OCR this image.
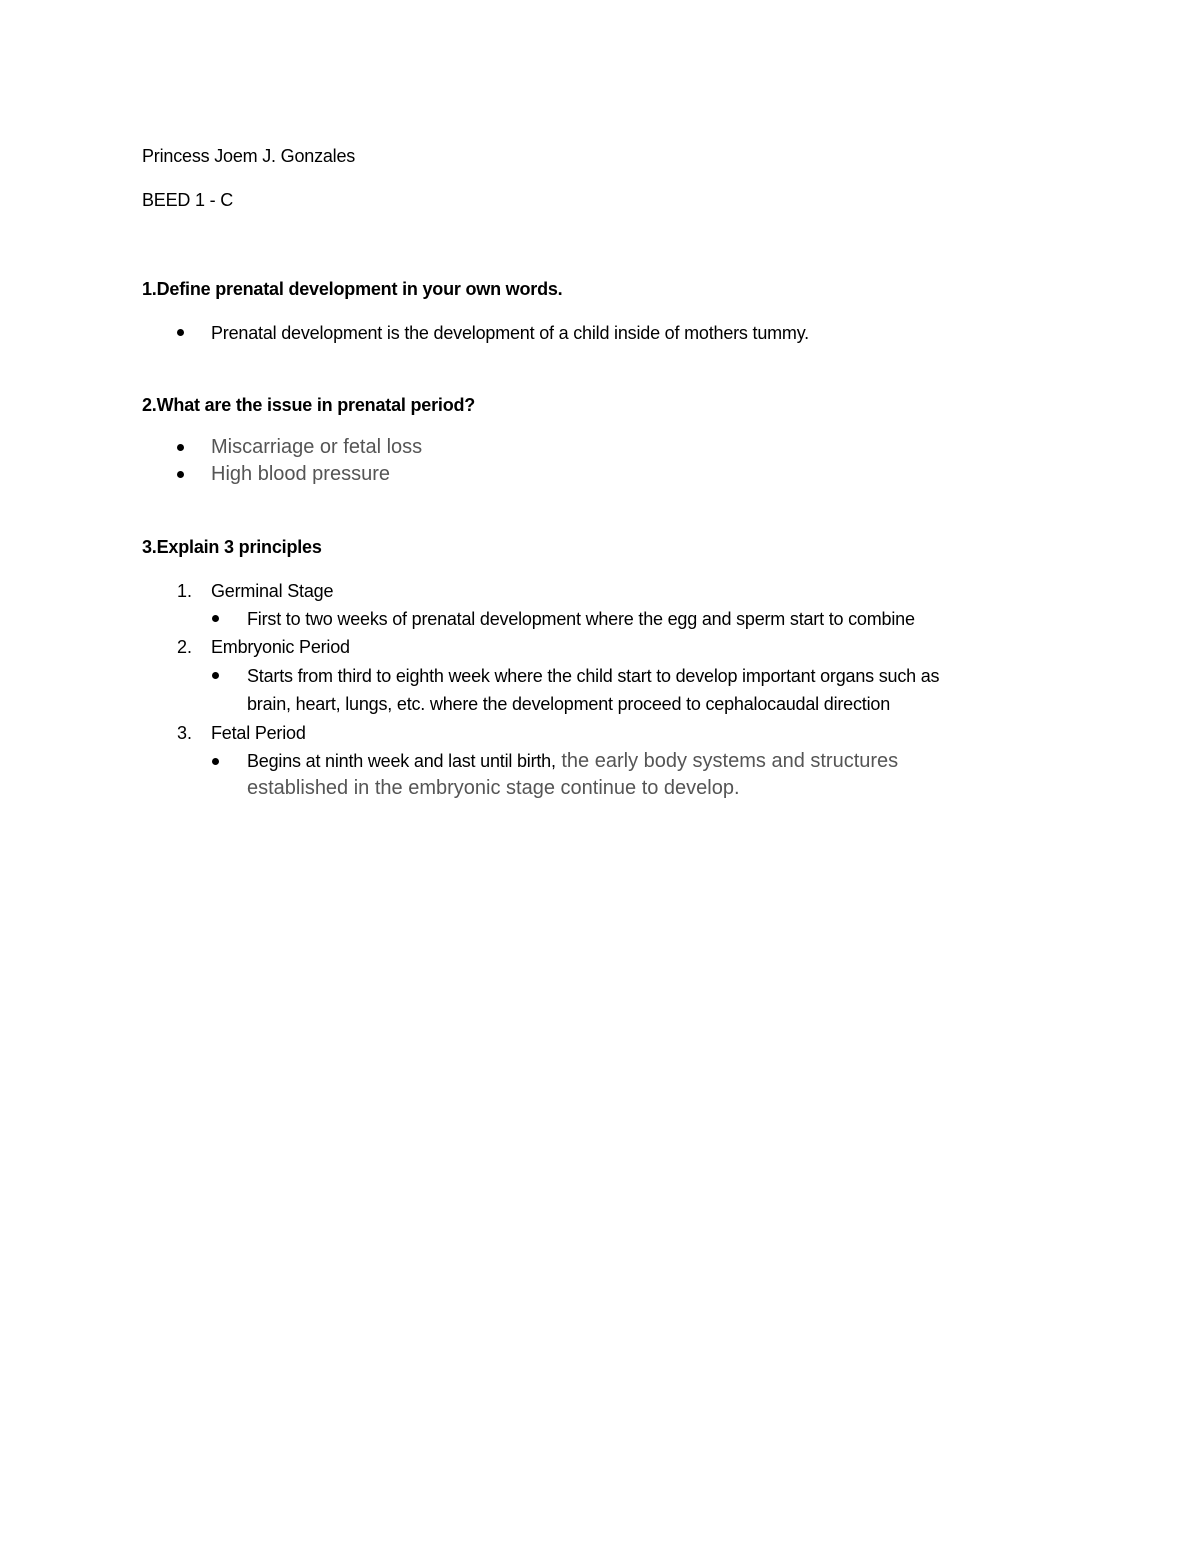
Princess Joem J. Gonzales
BEED 1 - C
1.Define prenatal development in your own words.
Prenatal development is the development of a child inside of mothers tummy.
2.What are the issue in prenatal period?
Miscarriage or fetal loss
High blood pressure
3.Explain 3 principles
1. Germinal Stage
First to two weeks of prenatal development where the egg and sperm start to combine
2. Embryonic Period
Starts from third to eighth week where the child start to develop important organs such as
brain, heart, lungs, etc. where the development proceed to cephalocaudal direction
3. Fetal Period
Begins at ninth week and last until birth, the early body systems and structures
established in the embryonic stage continue to develop.
